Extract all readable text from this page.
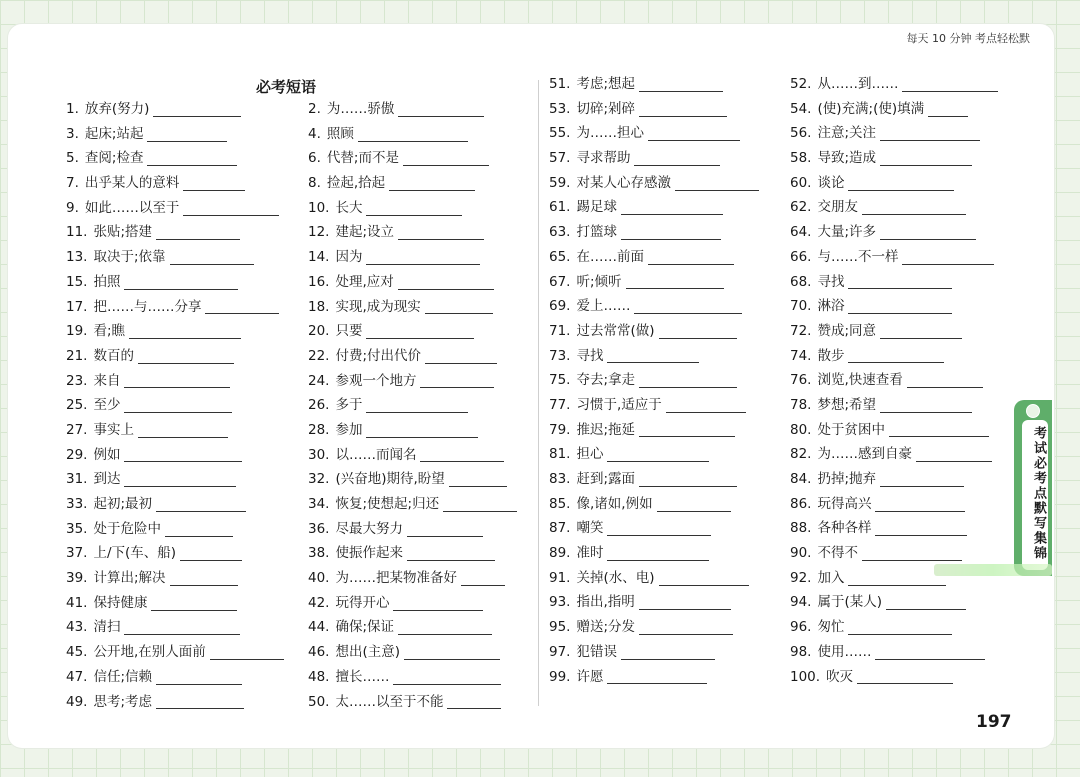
每天 10 分钟 考点轻松默
必考短语
1. 放弃(努力)
3. 起床;站起
5. 查阅;检查
7. 出乎某人的意料
9. 如此……以至于
11. 张贴;搭建
13. 取决于;依靠
15. 拍照
17. 把……与……分享
19. 看;瞧
21. 数百的
23. 来自
25. 至少
27. 事实上
29. 例如
31. 到达
33. 起初;最初
35. 处于危险中
37. 上/下(车、船)
39. 计算出;解决
41. 保持健康
43. 清扫
45. 公开地,在别人面前
47. 信任;信赖
49. 思考;考虑
2. 为……骄傲
4. 照顾
6. 代替;而不是
8. 捡起,拾起
10. 长大
12. 建起;设立
14. 因为
16. 处理,应对
18. 实现,成为现实
20. 只要
22. 付费;付出代价
24. 参观一个地方
26. 多于
28. 参加
30. 以……而闻名
32. (兴奋地)期待,盼望
34. 恢复;使想起;归还
36. 尽最大努力
38. 使振作起来
40. 为……把某物准备好
42. 玩得开心
44. 确保;保证
46. 想出(主意)
48. 擅长……
50. 太……以至于不能
51. 考虑;想起
53. 切碎;剁碎
55. 为……担心
57. 寻求帮助
59. 对某人心存感激
61. 踢足球
63. 打篮球
65. 在……前面
67. 听;倾听
69. 爱上……
71. 过去常常(做)
73. 寻找
75. 夺去;拿走
77. 习惯于,适应于
79. 推迟;拖延
81. 担心
83. 赶到;露面
85. 像,诸如,例如
87. 嘲笑
89. 准时
91. 关掉(水、电)
93. 指出,指明
95. 赠送;分发
97. 犯错误
99. 许愿
52. 从……到……
54. (使)充满;(使)填满
56. 注意;关注
58. 导致;造成
60. 谈论
62. 交朋友
64. 大量;许多
66. 与……不一样
68. 寻找
70. 淋浴
72. 赞成;同意
74. 散步
76. 浏览,快速查看
78. 梦想;希望
80. 处于贫困中
82. 为……感到自豪
84. 扔掉;抛弃
86. 玩得高兴
88. 各种各样
90. 不得不
92. 加入
94. 属于(某人)
96. 匆忙
98. 使用……
100. 吹灭
考试必考点默写集锦
197
